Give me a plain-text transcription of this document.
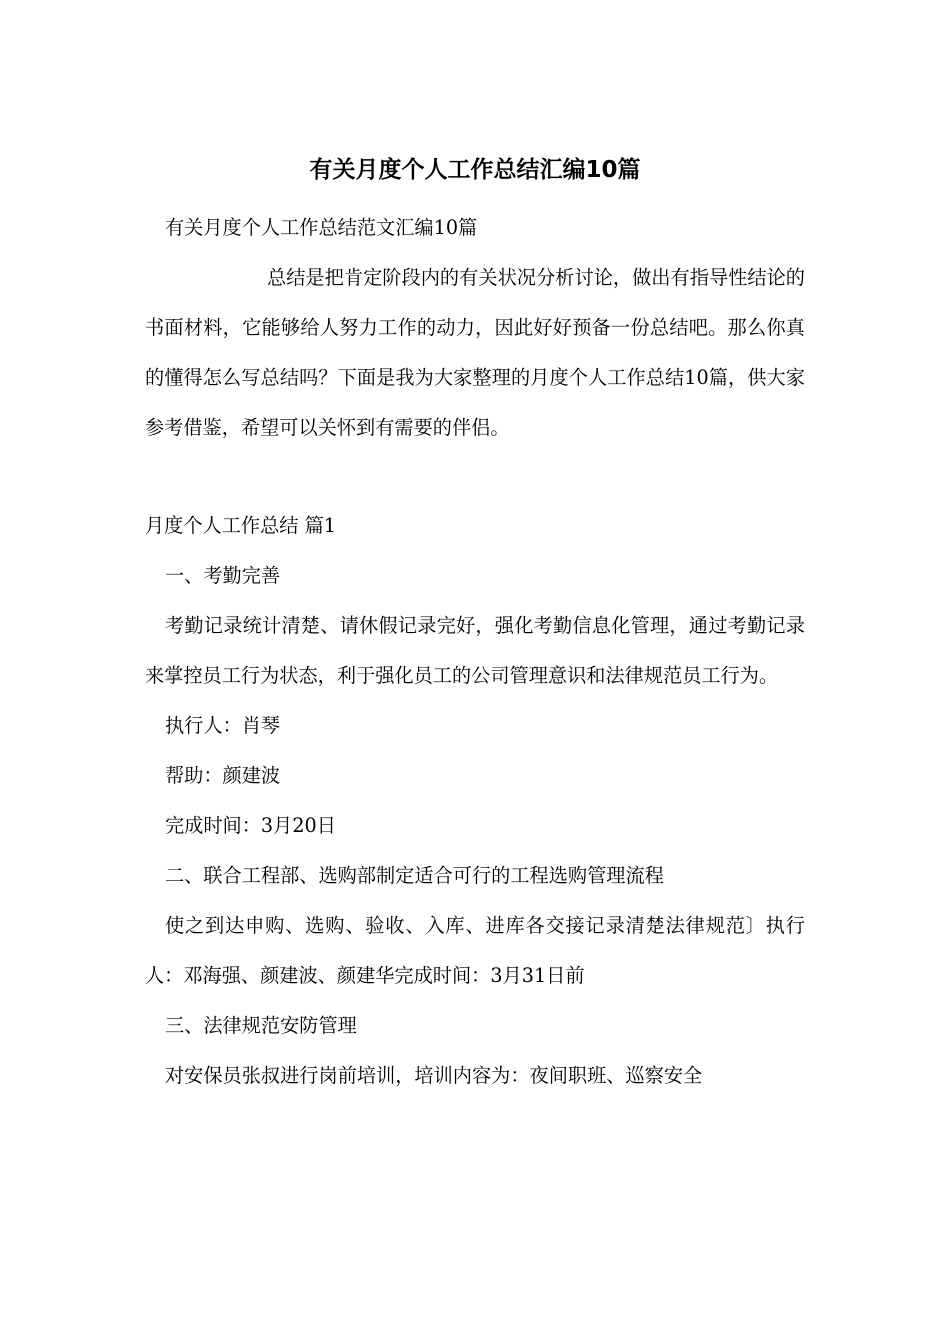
有关月度个人工作总结汇编10篇

有关月度个人工作总结范文汇编10篇

总结是把肯定阶段内的有关状况分析讨论，做出有指导性结论的书面材料，它能够给人努力工作的动力，因此好好预备一份总结吧。那么你真的懂得怎么写总结吗？下面是我为大家整理的月度个人工作总结10篇，供大家参考借鉴，希望可以关怀到有需要的伴侣。

月度个人工作总结 篇1

一、考勤完善

考勤记录统计清楚、请休假记录完好，强化考勤信息化管理，通过考勤记录来掌控员工行为状态，利于强化员工的公司管理意识和法律规范员工行为。

执行人：肖琴

帮助：颜建波

完成时间：3月20日

二、联合工程部、选购部制定适合可行的工程选购管理流程

使之到达申购、选购、验收、入库、进库各交接记录清楚法律规范〕执行人：邓海强、颜建波、颜建华完成时间：3月31日前

三、法律规范安防管理

对安保员张叔进行岗前培训，培训内容为：夜间职班、巡察安全
